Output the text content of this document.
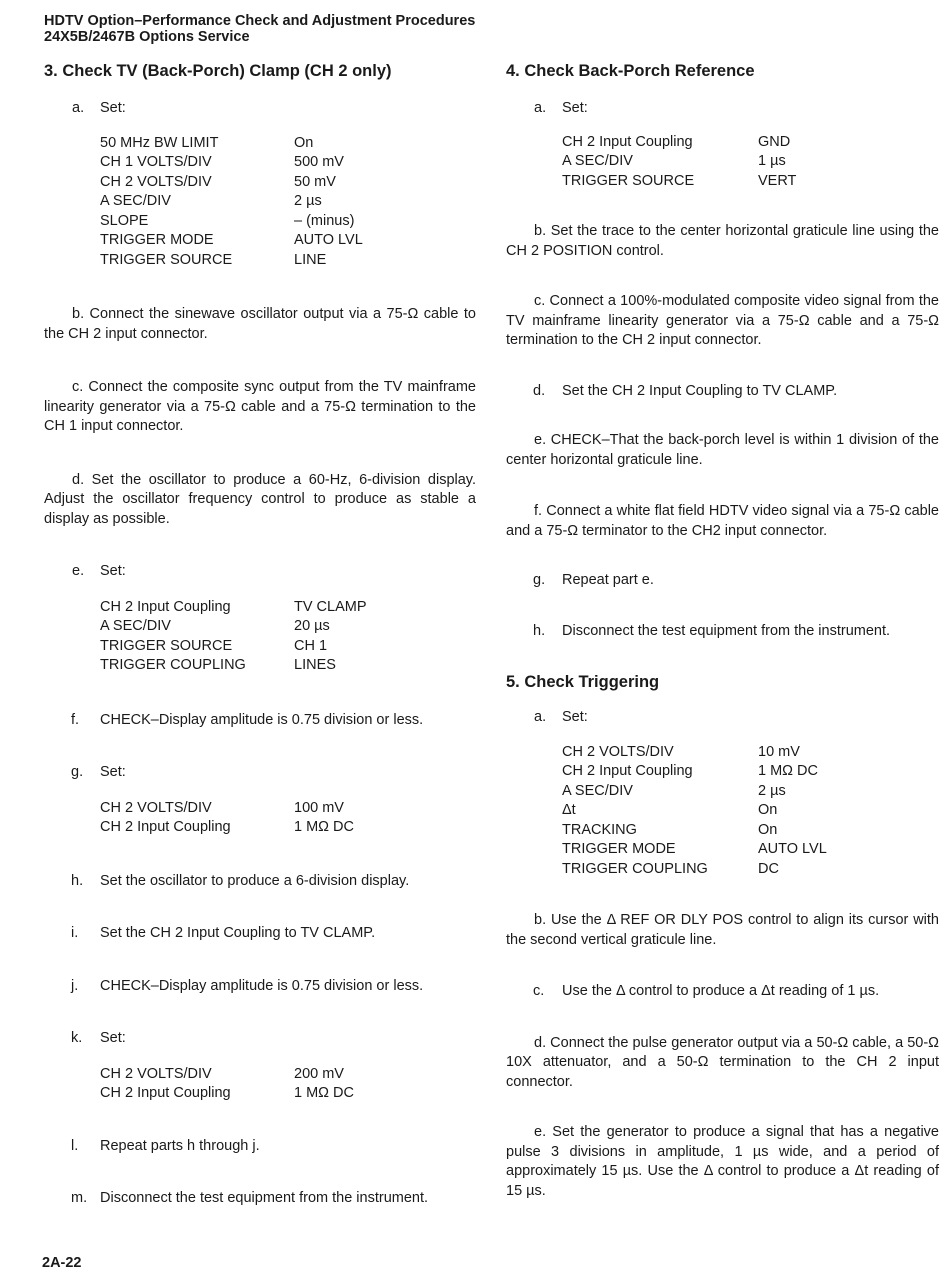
HDTV Option–Performance Check and Adjustment Procedures
24X5B/2467B Options Service
3. Check TV (Back-Porch) Clamp (CH 2 only)
a. Set:
50 MHz BW LIMIT	On
CH 1 VOLTS/DIV	500 mV
CH 2 VOLTS/DIV	50 mV
A SEC/DIV	2 µs
SLOPE	– (minus)
TRIGGER MODE	AUTO LVL
TRIGGER SOURCE	LINE
b. Connect the sinewave oscillator output via a 75-Ω cable to the CH 2 input connector.
c. Connect the composite sync output from the TV mainframe linearity generator via a 75-Ω cable and a 75-Ω termination to the CH 1 input connector.
d. Set the oscillator to produce a 60-Hz, 6-division display. Adjust the oscillator frequency control to produce as stable a display as possible.
e. Set:
CH 2 Input Coupling	TV CLAMP
A SEC/DIV	20 µs
TRIGGER SOURCE	CH 1
TRIGGER COUPLING	LINES
f.	CHECK–Display amplitude is 0.75 division or less.
g.	Set:
CH 2 VOLTS/DIV	100 mV
CH 2 Input Coupling	1 MΩ DC
h.	Set the oscillator to produce a 6-division display.
i.	Set the CH 2 Input Coupling to TV CLAMP.
j.	CHECK–Display amplitude is 0.75 division or less.
k.	Set:
CH 2 VOLTS/DIV	200 mV
CH 2 Input Coupling	1 MΩ DC
l.	Repeat parts h through j.
m. Disconnect the test equipment from the instrument.
4. Check Back-Porch Reference
a. Set:
CH 2 Input Coupling	GND
A SEC/DIV	1 µs
TRIGGER SOURCE	VERT
b. Set the trace to the center horizontal graticule line using the CH 2 POSITION control.
c. Connect a 100%-modulated composite video signal from the TV mainframe linearity generator via a 75-Ω cable and a 75-Ω termination to the CH 2 input connector.
d.	Set the CH 2 Input Coupling to TV CLAMP.
e. CHECK–That the back-porch level is within 1 division of the center horizontal graticule line.
f. Connect a white flat field HDTV video signal via a 75-Ω cable and a 75-Ω terminator to the CH2 input connector.
g.	Repeat part e.
h.	Disconnect the test equipment from the instrument.
5. Check Triggering
a. Set:
CH 2 VOLTS/DIV	10 mV
CH 2 Input Coupling	1 MΩ DC
A SEC/DIV	2 µs
Δt	On
TRACKING	On
TRIGGER MODE	AUTO LVL
TRIGGER COUPLING	DC
b. Use the Δ REF OR DLY POS control to align its cursor with the second vertical graticule line.
c.	Use the Δ control to produce a Δt reading of 1 µs.
d. Connect the pulse generator output via a 50-Ω cable, a 50-Ω 10X attenuator, and a 50-Ω termination to the CH 2 input connector.
e. Set the generator to produce a signal that has a negative pulse 3 divisions in amplitude, 1 µs wide, and a period of approximately 15 µs. Use the Δ control to produce a Δt reading of 15 µs.
2A-22
